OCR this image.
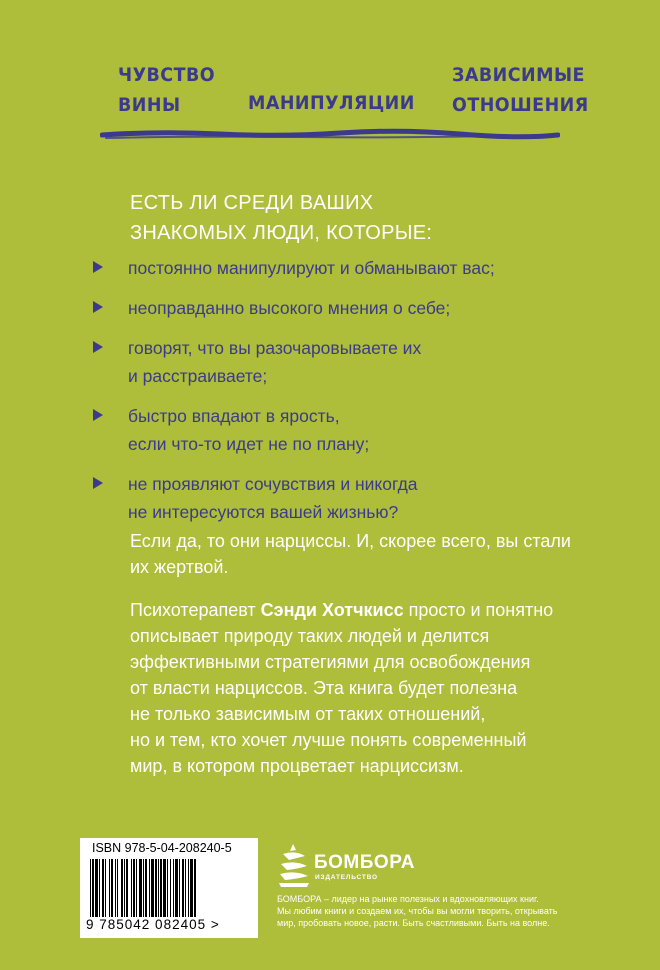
ЧУВСТВО
ВИНЫ	МАНИПУЛЯЦИИ
ЗАВИСИМЫЕ
ОТНОШЕНИЯ
ЕСТЬ ЛИ СРЕДИ ВАШИХ
ЗНАКОМЫХ ЛЮДИ, КОТОРЫЕ:
постоянно манипулируют и обманывают вас;
неоправданно высокого мнения о себе;
говорят, что вы разочаровываете их
и расстраиваете;
быстро впадают в ярость,
если что-то идет не по плану;
не проявляют сочувствия и никогда
не интересуются вашей жизнью?

Если да, то они нарциссы. И, скорее всего, вы стали
их жертвой.

Психотерапевт Сэнди Хотчкисс просто и понятно
описывает природу таких людей и делится
эффективными стратегиями для освобождения
от власти нарциссов. Эта книга будет полезна
не только зависимым от таких отношений,
но и тем, кто хочет лучше понять современный
мир, в котором процветает нарциссизм.

ISBN 978-5-04-208240-5
9 785042 082405 >
БОМБОРА
ИЗДАТЕЛЬСТВО
БОМБОРА – лидер на рынке полезных и вдохновляющих книг.
Мы любим книги и создаем их, чтобы вы могли творить, открывать
мир, пробовать новое, расти. Быть счастливыми. Быть на волне.
